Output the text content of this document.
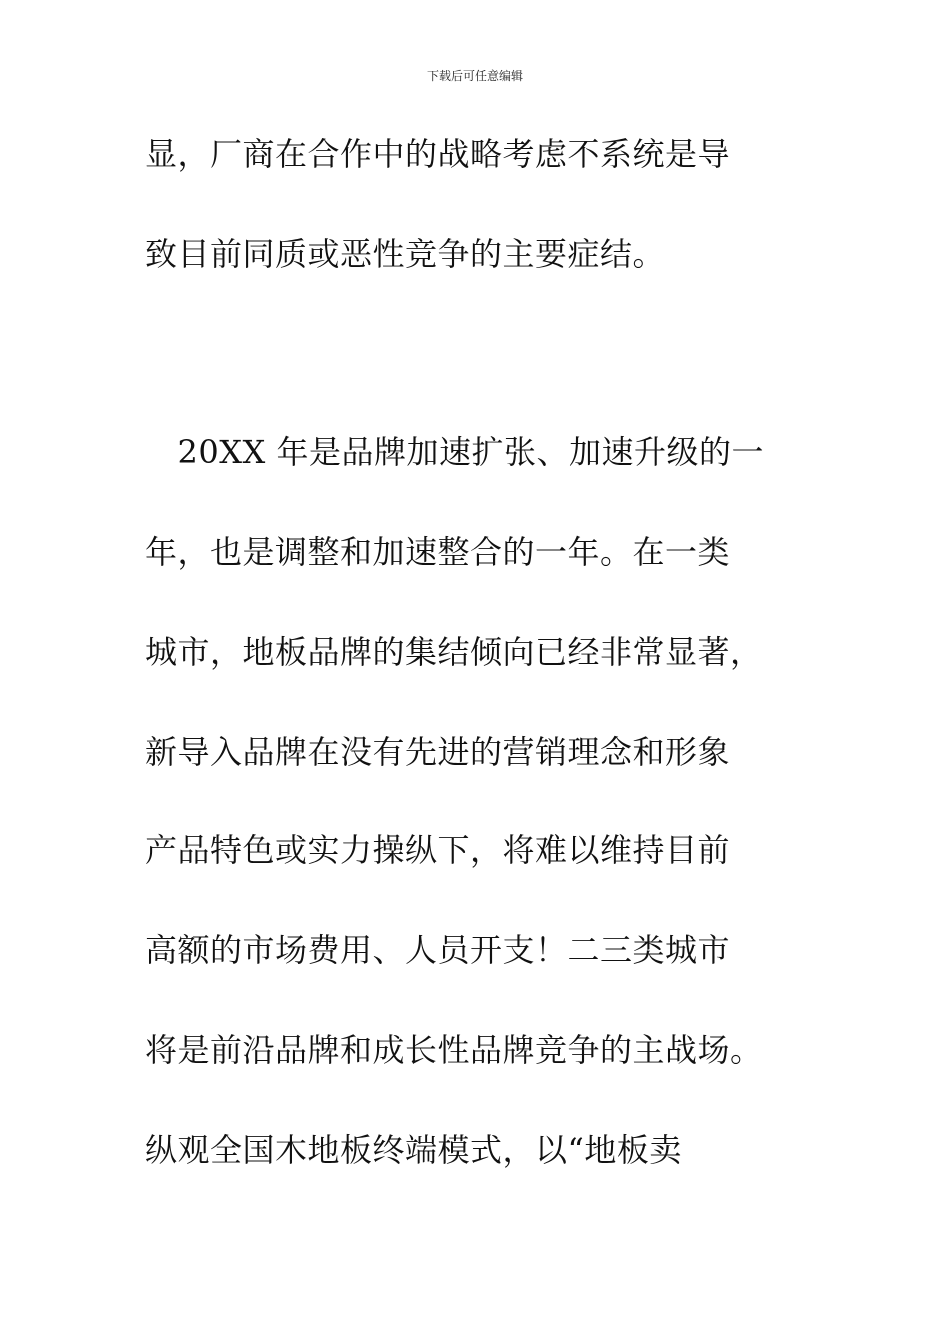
下载后可任意编辑
显，厂商在合作中的战略考虑不系统是导
致目前同质或恶性竞争的主要症结。
　20XX 年是品牌加速扩张、加速升级的一
年，也是调整和加速整合的一年。在一类
城市，地板品牌的集结倾向已经非常显著，
新导入品牌在没有先进的营销理念和形象
产品特色或实力操纵下，将难以维持目前
高额的市场费用、人员开支！二三类城市
将是前沿品牌和成长性品牌竞争的主战场。
纵观全国木地板终端模式，以“地板卖
